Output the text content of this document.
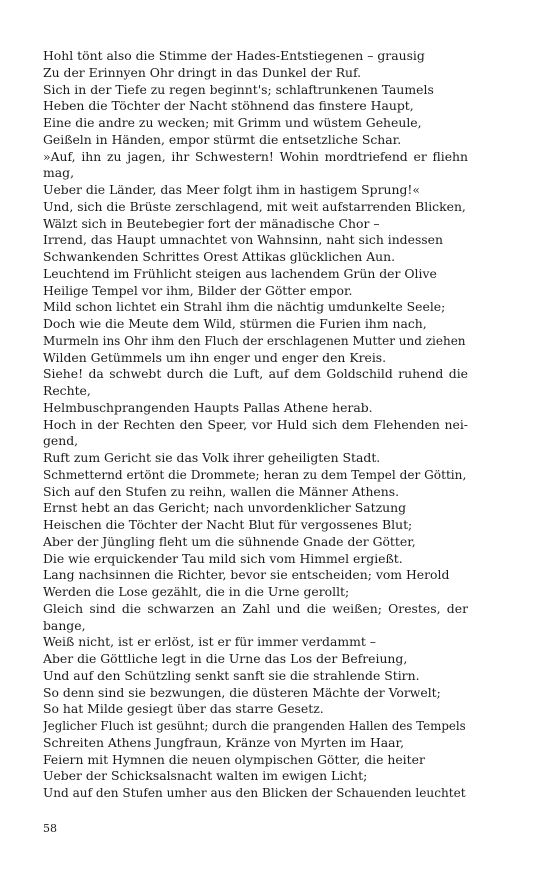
Hohl tönt also die Stimme der Hades-Entstiegenen – grausig
Zu der Erinnyen Ohr dringt in das Dunkel der Ruf.
Sich in der Tiefe zu regen beginnt's; schlaftrunkenen Taumels
Heben die Töchter der Nacht stöhnend das finstere Haupt,
Eine die andre zu wecken; mit Grimm und wüstem Geheule,
Geißeln in Händen, empor stürmt die entsetzliche Schar.
»Auf, ihn zu jagen, ihr Schwestern! Wohin mordtriefend er fliehn
mag,
Ueber die Länder, das Meer folgt ihm in hastigem Sprung!«
Und, sich die Brüste zerschlagend, mit weit aufstarrenden Blicken,
Wälzt sich in Beutebegier fort der mänadische Chor –
Irrend, das Haupt umnachtet von Wahnsinn, naht sich indessen
Schwankenden Schrittes Orest Attikas glücklichen Aun.
Leuchtend im Frühlicht steigen aus lachendem Grün der Olive
Heilige Tempel vor ihm, Bilder der Götter empor.
Mild schon lichtet ein Strahl ihm die nächtig umdunkelte Seele;
Doch wie die Meute dem Wild, stürmen die Furien ihm nach,
Murmeln ins Ohr ihm den Fluch der erschlagenen Mutter und ziehen
Wilden Getümmels um ihn enger und enger den Kreis.
Siehe! da schwebt durch die Luft, auf dem Goldschild ruhend die
Rechte,
Helmbuschprangenden Haupts Pallas Athene herab.
Hoch in der Rechten den Speer, vor Huld sich dem Flehenden nei-
gend,
Ruft zum Gericht sie das Volk ihrer geheiligten Stadt.
Schmetternd ertönt die Drommete; heran zu dem Tempel der Göttin,
Sich auf den Stufen zu reihn, wallen die Männer Athens.
Ernst hebt an das Gericht; nach unvordenklicher Satzung
Heischen die Töchter der Nacht Blut für vergossenes Blut;
Aber der Jüngling fleht um die sühnende Gnade der Götter,
Die wie erquickender Tau mild sich vom Himmel ergießt.
Lang nachsinnen die Richter, bevor sie entscheiden; vom Herold
Werden die Lose gezählt, die in die Urne gerollt;
Gleich sind die schwarzen an Zahl und die weißen; Orestes, der
bange,
Weiß nicht, ist er erlöst, ist er für immer verdammt –
Aber die Göttliche legt in die Urne das Los der Befreiung,
Und auf den Schützling senkt sanft sie die strahlende Stirn.
So denn sind sie bezwungen, die düsteren Mächte der Vorwelt;
So hat Milde gesiegt über das starre Gesetz.
Jeglicher Fluch ist gesühnt; durch die prangenden Hallen des Tempels
Schreiten Athens Jungfraun, Kränze von Myrten im Haar,
Feiern mit Hymnen die neuen olympischen Götter, die heiter
Ueber der Schicksalsnacht walten im ewigen Licht;
Und auf den Stufen umher aus den Blicken der Schauenden leuchtet
58
